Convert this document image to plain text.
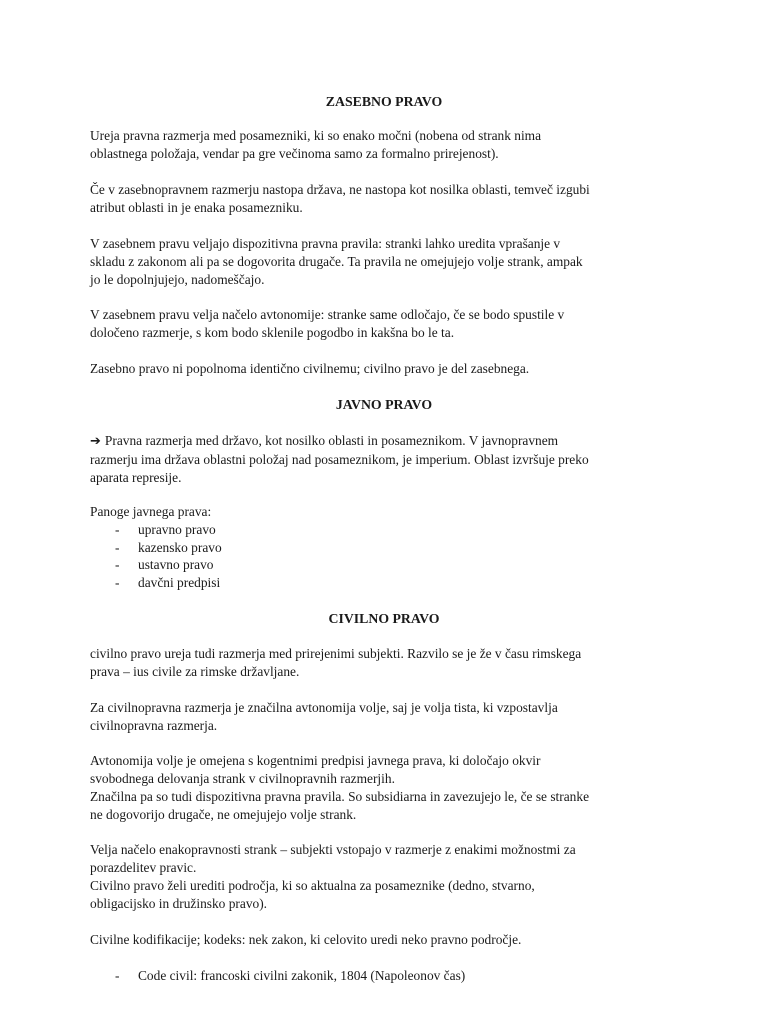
ZASEBNO PRAVO
Ureja pravna razmerja med posamezniki, ki so enako močni (nobena od strank nima
oblastnega položaja, vendar pa gre večinoma samo za formalno prirejenost).
Če v zasebnopravnem razmerju nastopa država, ne nastopa kot nosilka oblasti, temveč izgubi
atribut oblasti in je enaka posamezniku.
V zasebnem pravu veljajo dispozitivna pravna pravila: stranki lahko uredita vprašanje v
skladu z zakonom ali pa se dogovorita drugače. Ta pravila ne omejujejo volje strank, ampak
jo le dopolnjujejo, nadomeščajo.
V zasebnem pravu velja načelo avtonomije: stranke same odločajo, če se bodo spustile v
določeno razmerje, s kom bodo sklenile pogodbo in kakšna bo le ta.
Zasebno pravo ni popolnoma identično civilnemu; civilno pravo je del zasebnega.
JAVNO PRAVO
➔ Pravna razmerja med državo, kot nosilko oblasti in posameznikom. V javnopravnem
razmerju ima država oblastni položaj nad posameznikom, je imperium. Oblast izvršuje preko
aparata represije.
Panoge javnega prava:
- upravno pravo
- kazensko pravo
- ustavno pravo
- davčni predpisi
CIVILNO PRAVO
civilno pravo ureja tudi razmerja med prirejenimi subjekti. Razvilo se je že v času rimskega
prava – ius civile za rimske državljane.
Za civilnopravna razmerja je značilna avtonomija volje, saj je volja tista, ki vzpostavlja
civilnopravna razmerja.
Avtonomija volje je omejena s kogentnimi predpisi javnega prava, ki določajo okvir
svobodnega delovanja strank v civilnopravnih razmerjih.
Značilna pa so tudi dispozitivna pravna pravila. So subsidiarna in zavezujejo le, če se stranke
ne dogovorijo drugače, ne omejujejo volje strank.
Velja načelo enakopravnosti strank – subjekti vstopajo v razmerje z enakimi možnostmi za
porazdelitev pravic.
Civilno pravo želi urediti področja, ki so aktualna za posameznike (dedno, stvarno,
obligacijsko in družinsko pravo).
Civilne kodifikacije; kodeks: nek zakon, ki celovito uredi neko pravno področje.
- Code civil: francoski civilni zakonik, 1804 (Napoleonov čas)
